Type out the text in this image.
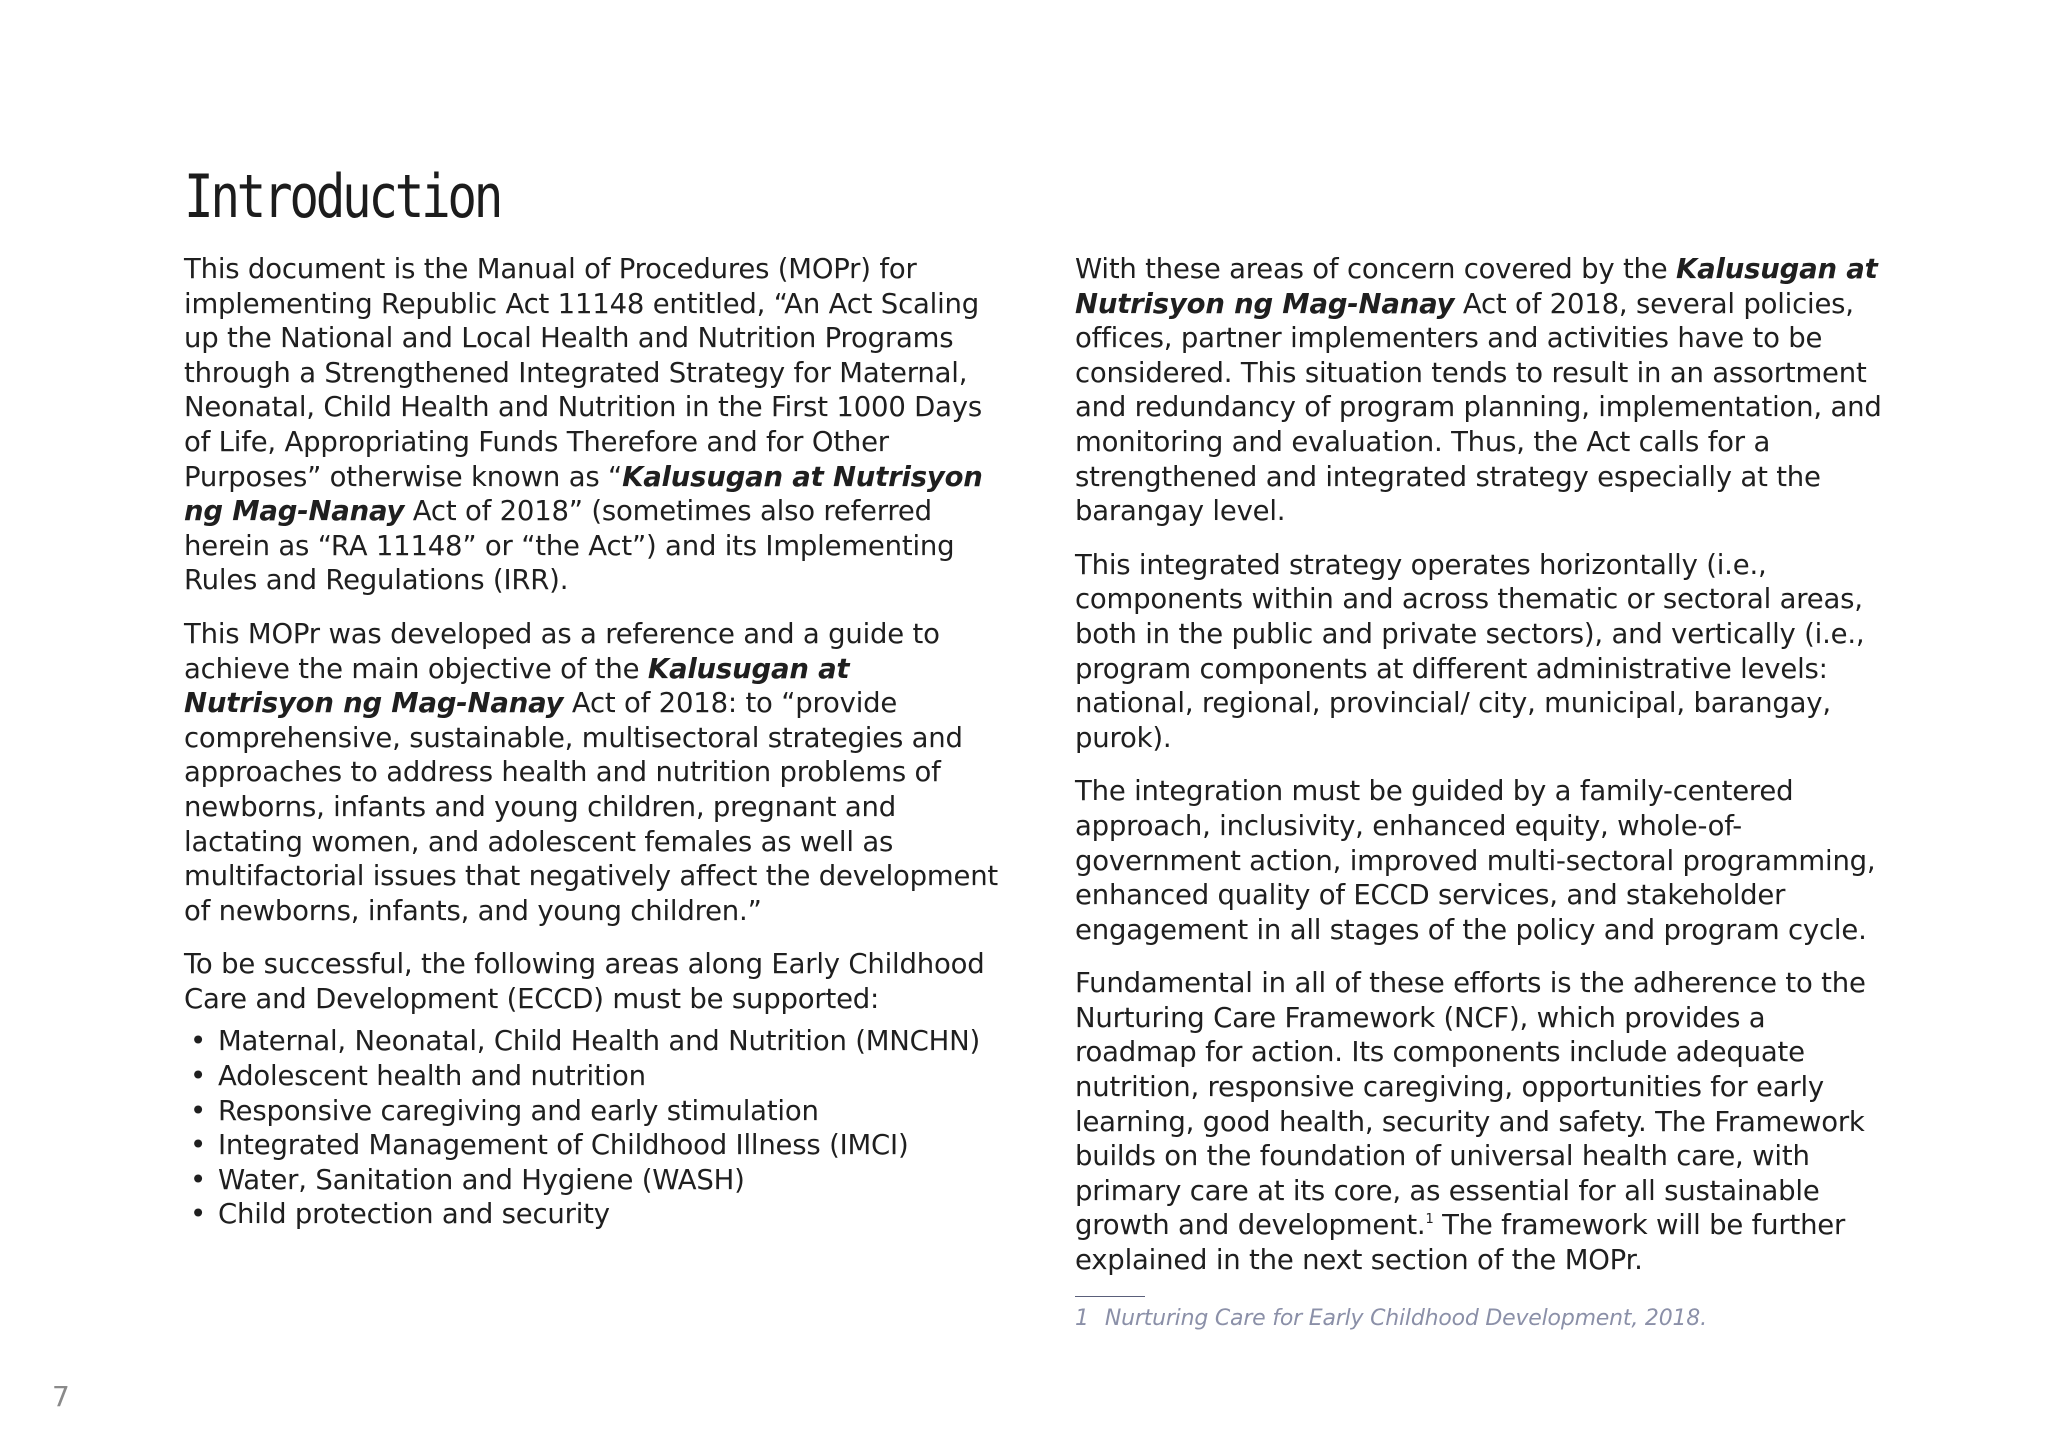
Introduction

This document is the Manual of Procedures (MOPr) for implementing Republic Act 11148 entitled, “An Act Scaling up the National and Local Health and Nutrition Programs through a Strengthened Integrated Strategy for Maternal, Neonatal, Child Health and Nutrition in the First 1000 Days of Life, Appropriating Funds Therefore and for Other Purposes” otherwise known as “Kalusugan at Nutrisyon ng Mag-Nanay Act of 2018” (sometimes also referred herein as “RA 11148” or “the Act”) and its Implementing Rules and Regulations (IRR).

This MOPr was developed as a reference and a guide to achieve the main objective of the Kalusugan at Nutrisyon ng Mag-Nanay Act of 2018: to “provide comprehensive, sustainable, multisectoral strategies and approaches to address health and nutrition problems of newborns, infants and young children, pregnant and lactating women, and adolescent females as well as multifactorial issues that negatively affect the development of newborns, infants, and young children.”

To be successful, the following areas along Early Childhood Care and Development (ECCD) must be supported:

• Maternal, Neonatal, Child Health and Nutrition (MNCHN)
• Adolescent health and nutrition
• Responsive caregiving and early stimulation
• Integrated Management of Childhood Illness (IMCI)
• Water, Sanitation and Hygiene (WASH)
• Child protection and security

With these areas of concern covered by the Kalusugan at Nutrisyon ng Mag-Nanay Act of 2018, several policies, offices, partner implementers and activities have to be considered. This situation tends to result in an assortment and redundancy of program planning, implementation, and monitoring and evaluation. Thus, the Act calls for a strengthened and integrated strategy especially at the barangay level.

This integrated strategy operates horizontally (i.e., components within and across thematic or sectoral areas, both in the public and private sectors), and vertically (i.e., program components at different administrative levels: national, regional, provincial/ city, municipal, barangay, purok).

The integration must be guided by a family-centered approach, inclusivity, enhanced equity, whole-of-government action, improved multi-sectoral programming, enhanced quality of ECCD services, and stakeholder engagement in all stages of the policy and program cycle.

Fundamental in all of these efforts is the adherence to the Nurturing Care Framework (NCF), which provides a roadmap for action. Its components include adequate nutrition, responsive caregiving, opportunities for early learning, good health, security and safety. The Framework builds on the foundation of universal health care, with primary care at its core, as essential for all sustainable growth and development.$^1$ The framework will be further explained in the next section of the MOPr.

1 Nurturing Care for Early Childhood Development, 2018.
7
